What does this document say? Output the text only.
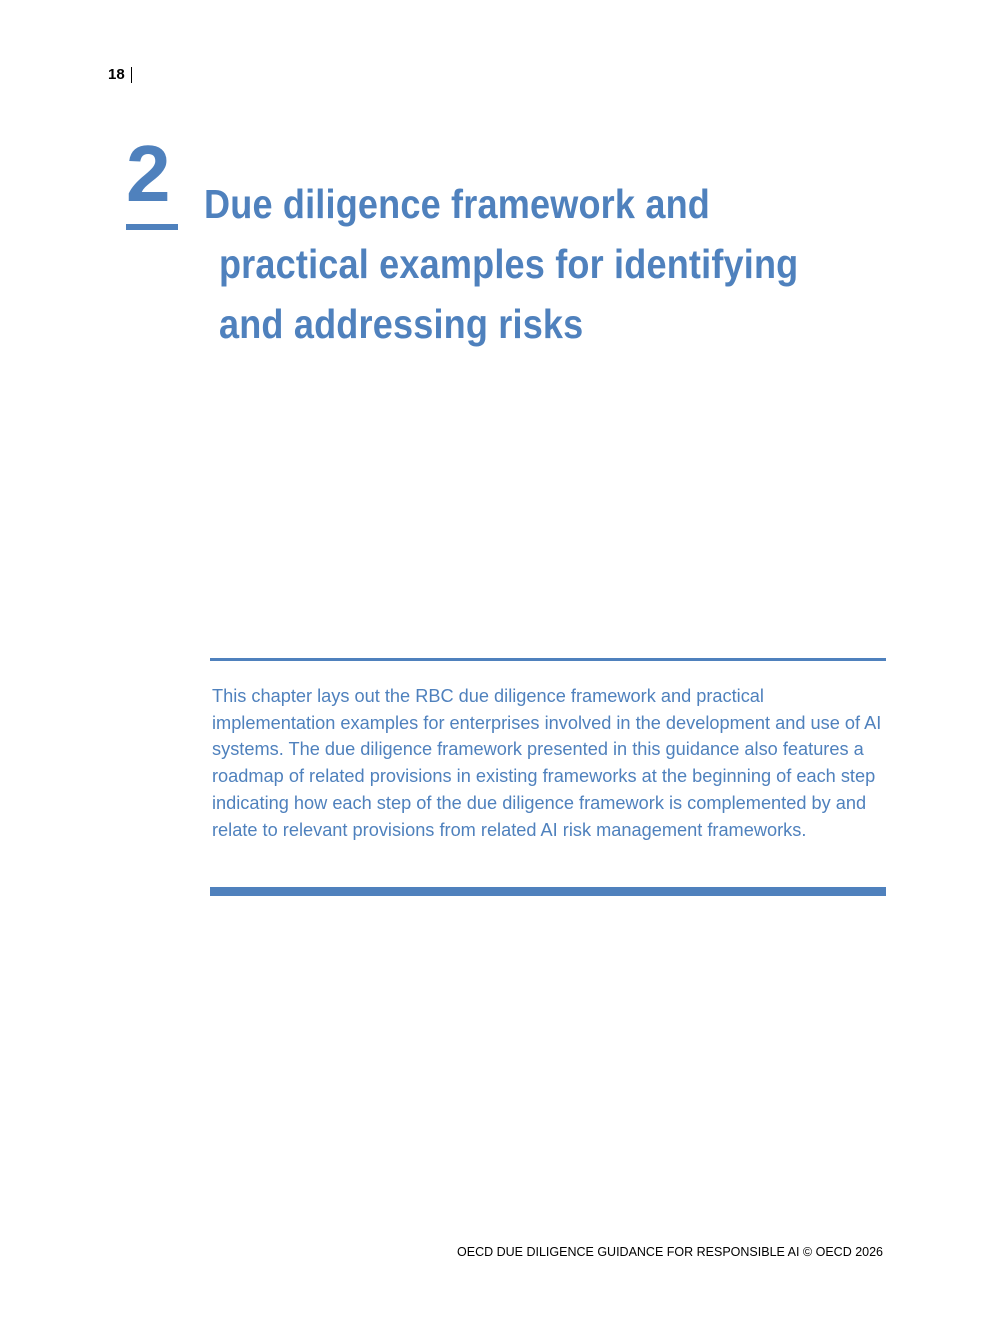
18
2 Due diligence framework and
practical examples for identifying
and addressing risks

This chapter lays out the RBC due diligence framework and practical implementation examples for enterprises involved in the development and use of AI systems. The due diligence framework presented in this guidance also features a roadmap of related provisions in existing frameworks at the beginning of each step indicating how each step of the due diligence framework is complemented by and relate to relevant provisions from related AI risk management frameworks.

OECD DUE DILIGENCE GUIDANCE FOR RESPONSIBLE AI © OECD 2026
